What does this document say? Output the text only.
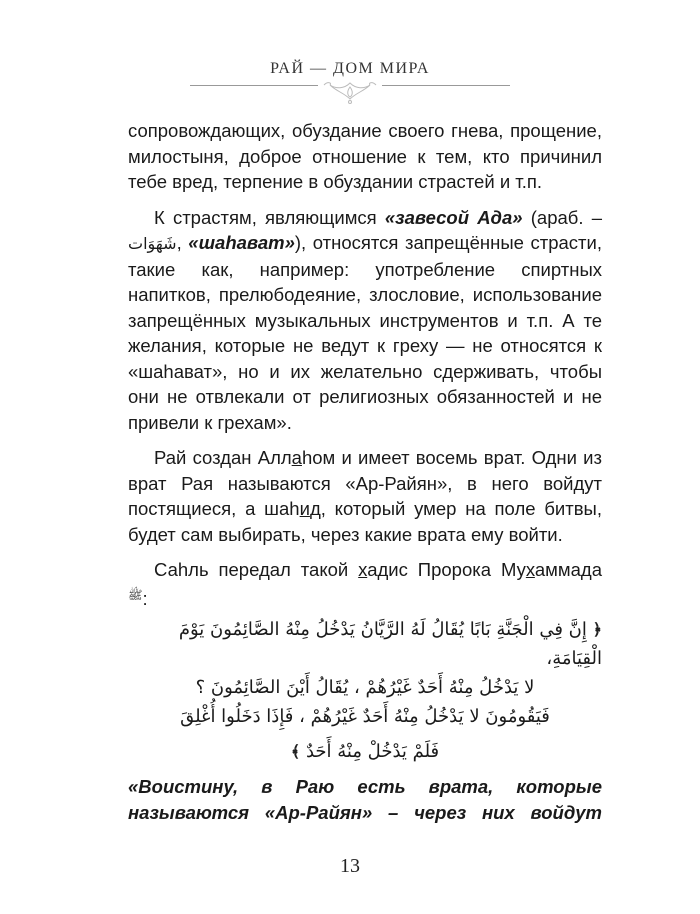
РАЙ — ДОМ МИРА

сопровождающих, обуздание своего гнева, прощение, милостыня, доброе отношение к тем, кто причинил тебе вред, терпение в обуздании страстей и т.п.

К страстям, являющимся «завесой Ада» (араб. – شَهَوَات, «шаhават»), относятся запрещённые страсти, такие как, например: употребление спиртных напитков, прелюбодеяние, злословие, использование запрещённых музыкальных инструментов и т.п. А те желания, которые не ведут к греху — не относятся к «шаhават», но и их желательно сдерживать, чтобы они не отвлекали от религиозных обязанностей и не привели к грехам».

Рай создан Аллаhом и имеет восемь врат. Одни из врат Рая называются «Ар-Райян», в него войдут постящиеся, а шаhид, который умер на поле битвы, будет сам выбирать, через какие врата ему войти.

Саhль передал такой хадис Пророка Мухаммада $^ﷺ$:

﴿ إِنَّ فِي الْجَنَّةِ بَابًا يُقَالُ لَهُ الرَّيَّانُ يَدْخُلُ مِنْهُ الصَّائِمُونَ يَوْمَ الْقِيَامَةِ،

لا يَدْخُلُ مِنْهُ أَحَدٌ غَيْرُهُمْ ، يُقَالُ أَيْنَ الصَّائِمُونَ ؟

فَيَقُومُونَ لا يَدْخُلُ مِنْهُ أَحَدٌ غَيْرُهُمْ ، فَإِذَا دَخَلُوا أُغْلِقَ

فَلَمْ يَدْخُلْ مِنْهُ أَحَدٌ ﴾

«Воистину, в Раю есть врата, которые называются «Ар-Райян» – через них войдут

13
